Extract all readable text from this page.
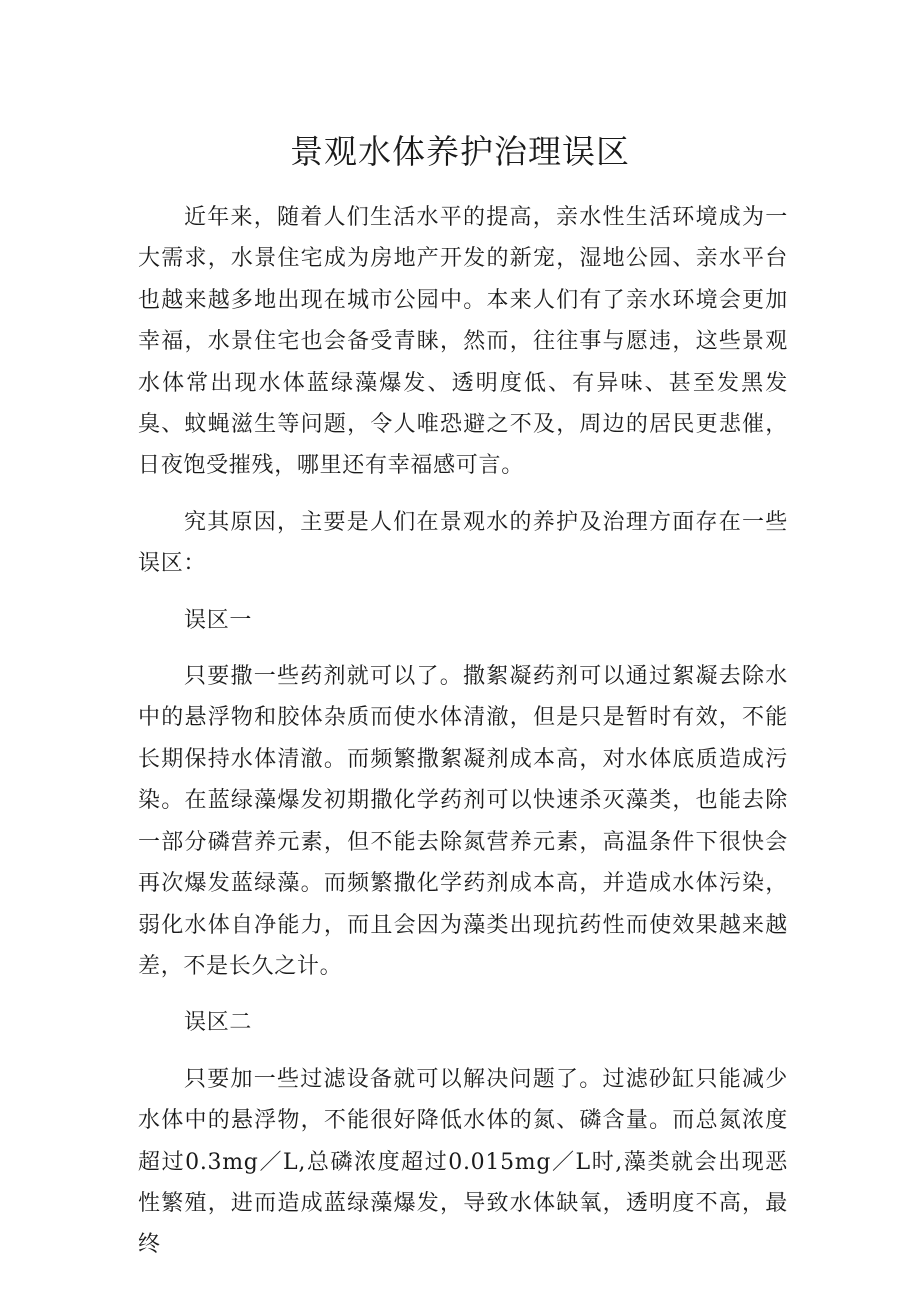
景观水体养护治理误区

近年来，随着人们生活水平的提高，亲水性生活环境成为一大需求，水景住宅成为房地产开发的新宠，湿地公园、亲水平台也越来越多地出现在城市公园中。本来人们有了亲水环境会更加幸福，水景住宅也会备受青睐，然而，往往事与愿违，这些景观水体常出现水体蓝绿藻爆发、透明度低、有异味、甚至发黑发臭、蚊蝇滋生等问题，令人唯恐避之不及，周边的居民更悲催，日夜饱受摧残，哪里还有幸福感可言。

究其原因，主要是人们在景观水的养护及治理方面存在一些误区：

误区一

只要撒一些药剂就可以了。撒絮凝药剂可以通过絮凝去除水中的悬浮物和胶体杂质而使水体清澈，但是只是暂时有效，不能长期保持水体清澈。而频繁撒絮凝剂成本高，对水体底质造成污染。在蓝绿藻爆发初期撒化学药剂可以快速杀灭藻类，也能去除一部分磷营养元素，但不能去除氮营养元素，高温条件下很快会再次爆发蓝绿藻。而频繁撒化学药剂成本高，并造成水体污染，弱化水体自净能力，而且会因为藻类出现抗药性而使效果越来越差，不是长久之计。

误区二

只要加一些过滤设备就可以解决问题了。过滤砂缸只能减少水体中的悬浮物，不能很好降低水体的氮、磷含量。而总氮浓度超过0.3mg／L,总磷浓度超过0.015mg／L时,藻类就会出现恶性繁殖，进而造成蓝绿藻爆发，导致水体缺氧，透明度不高，最终
